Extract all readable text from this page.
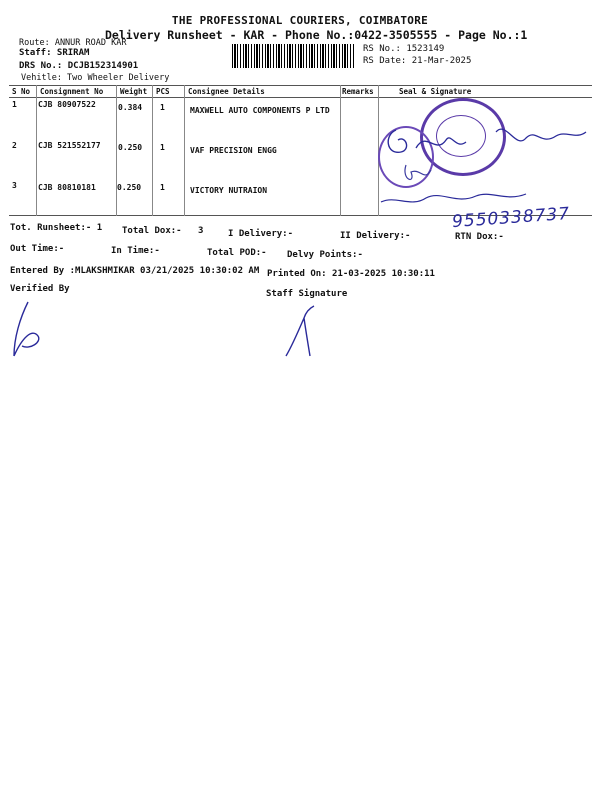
THE PROFESSIONAL COURIERS, COIMBATORE
Delivery Runsheet - KAR - Phone No.:0422-3505555 - Page No.:1
Route: ANNUR ROAD KAR
Staff: SRIRAM
DRS No.: DCJB152314901
Vehitle: Two Wheeler Delivery
RS No.: 1523149
RS Date: 21-Mar-2025
S No Consignment No Weight PCS Consignee Details	Remarks	Seal & Signature
1	CJB 80907522	0.384 1	MAXWELL AUTO COMPONENTS P LTD
2	CJB 521552177 0.250 1	VAF PRECISION ENGG
3	CJB 80810181	0.250 1	VICTORY NUTRAION
9550338737
Tot. Runsheet:- 1 Total Dox:- 3	I Delivery:-	II Delivery:-	RTN Dox:-
Out Time:-	In Time:-	Total POD:- Delvy Points:-
Entered By :MLAKSHMIKAR 03/21/2025 10:30:02 AM Printed On: 21-03-2025 10:30:11
Verified By	Staff Signature
